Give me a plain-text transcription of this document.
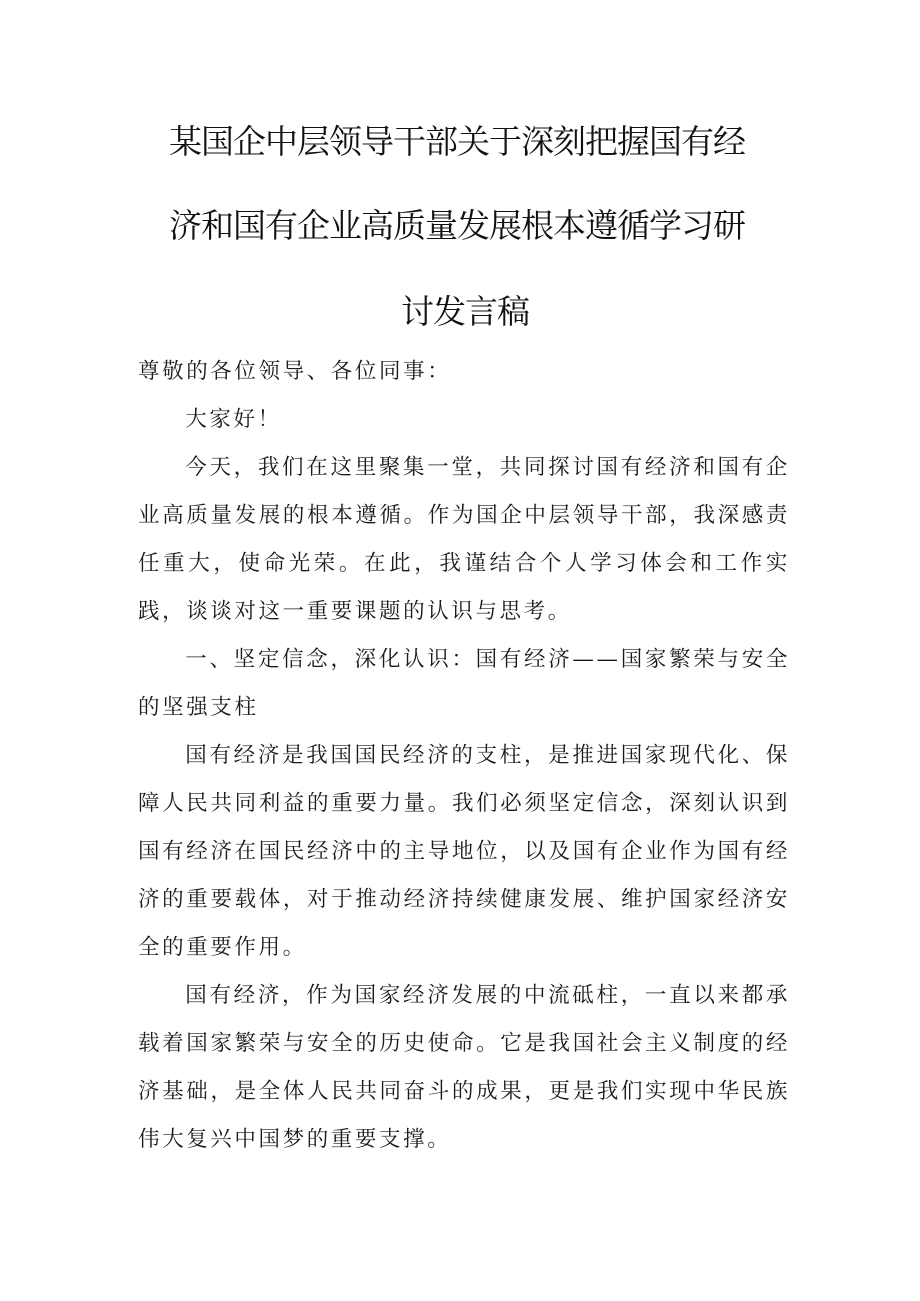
某国企中层领导干部关于深刻把握国有经
济和国有企业高质量发展根本遵循学习研
讨发言稿

尊敬的各位领导、各位同事：

大家好！

今天，我们在这里聚集一堂，共同探讨国有经济和国有企业高质量发展的根本遵循。作为国企中层领导干部，我深感责任重大，使命光荣。在此，我谨结合个人学习体会和工作实践，谈谈对这一重要课题的认识与思考。

一、坚定信念，深化认识：国有经济——国家繁荣与安全的坚强支柱

国有经济是我国国民经济的支柱，是推进国家现代化、保障人民共同利益的重要力量。我们必须坚定信念，深刻认识到国有经济在国民经济中的主导地位，以及国有企业作为国有经济的重要载体，对于推动经济持续健康发展、维护国家经济安全的重要作用。

国有经济，作为国家经济发展的中流砥柱，一直以来都承载着国家繁荣与安全的历史使命。它是我国社会主义制度的经济基础，是全体人民共同奋斗的成果，更是我们实现中华民族伟大复兴中国梦的重要支撑。
